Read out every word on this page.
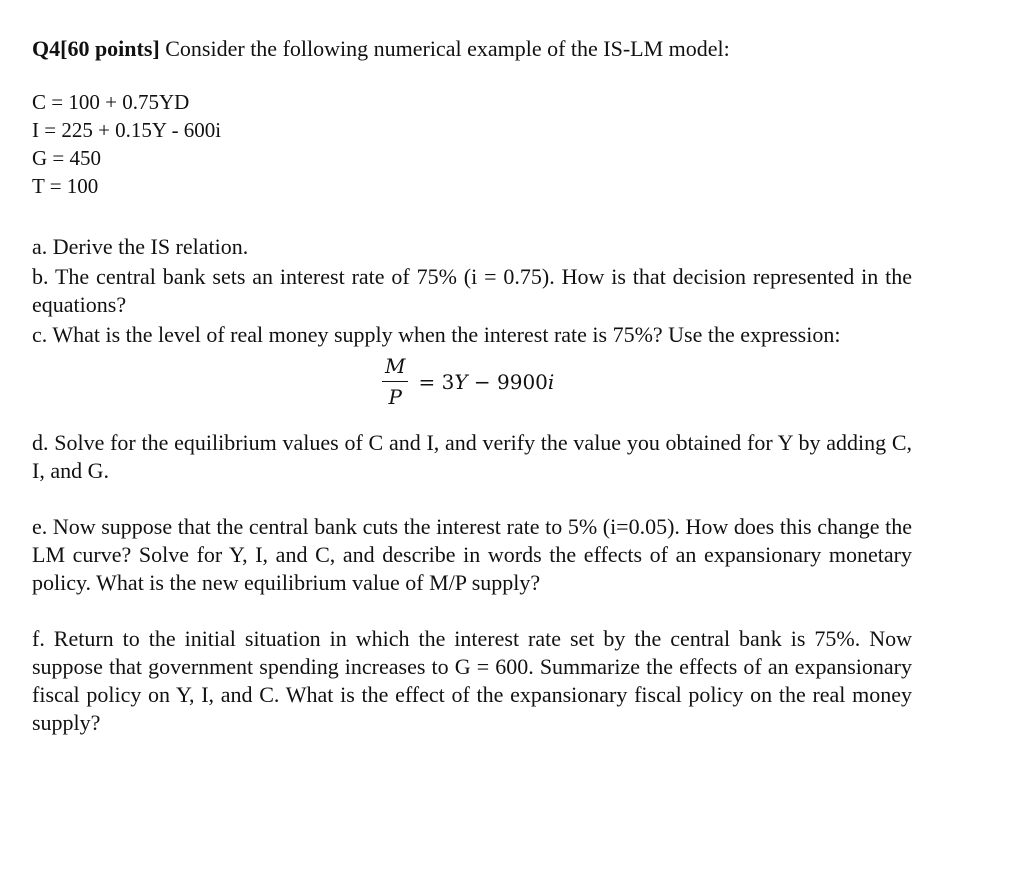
Q4[60 points] Consider the following numerical example of the IS-LM model:

C = 100 + 0.75YD
I = 225 + 0.15Y - 600i
G = 450
T = 100

a. Derive the IS relation.

b. The central bank sets an interest rate of 75% (i = 0.75). How is that decision represented in the equations?

c. What is the level of real money supply when the interest rate is 75%? Use the expression:

$\frac{M}{P} = 3Y - 9900i$

d. Solve for the equilibrium values of C and I, and verify the value you obtained for Y by adding C, I, and G.

e. Now suppose that the central bank cuts the interest rate to 5% (i=0.05). How does this change the LM curve? Solve for Y, I, and C, and describe in words the effects of an expansionary monetary policy. What is the new equilibrium value of M/P supply?

f. Return to the initial situation in which the interest rate set by the central bank is 75%. Now suppose that government spending increases to G = 600. Summarize the effects of an expansionary fiscal policy on Y, I, and C. What is the effect of the expansionary fiscal policy on the real money supply?
